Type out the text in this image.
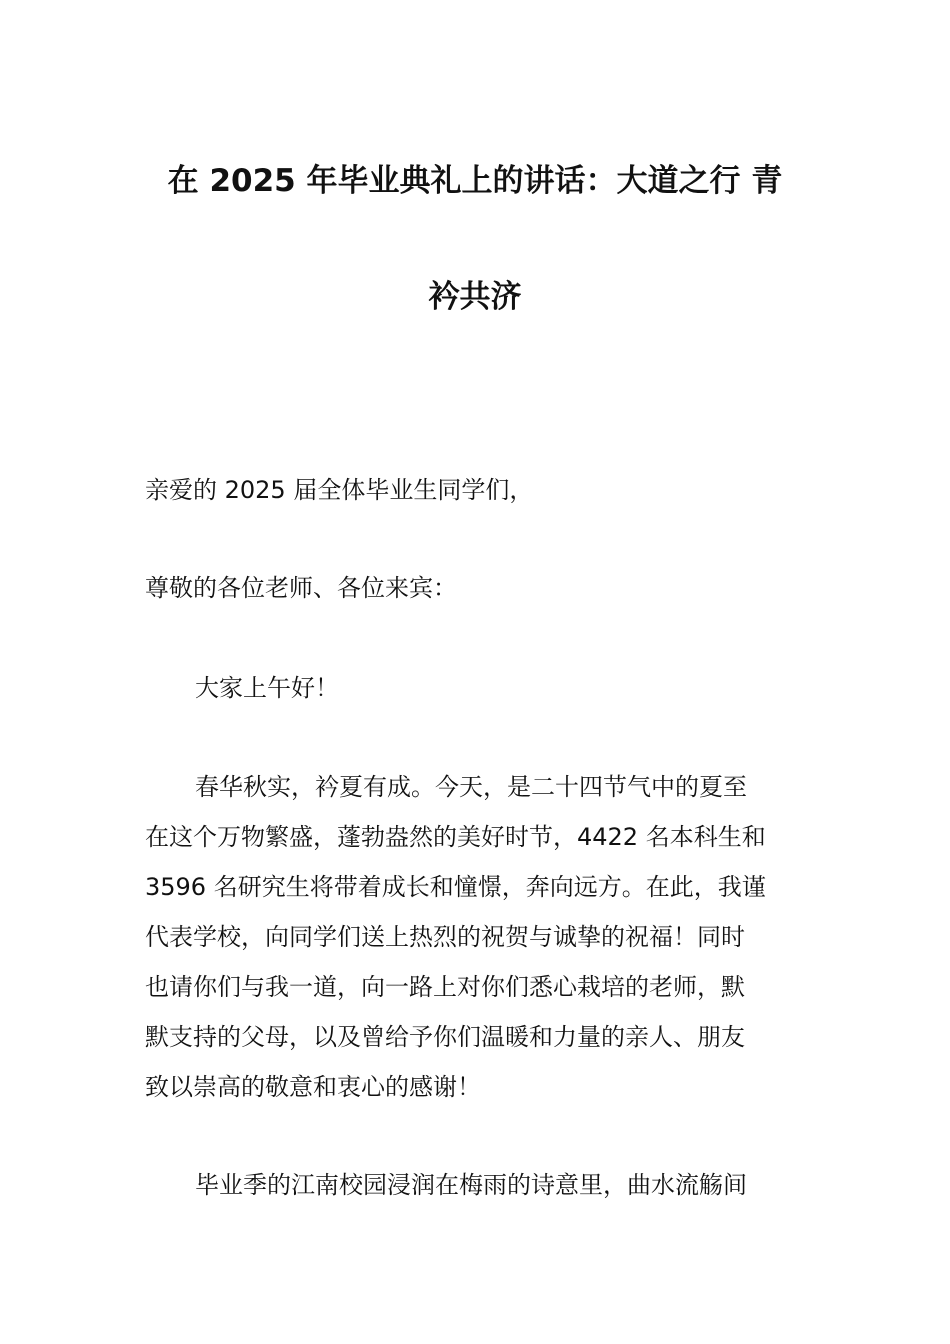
在 2025 年毕业典礼上的讲话：大道之行 青
衿共济

亲爱的 2025 届全体毕业生同学们，

尊敬的各位老师、各位来宾：

大家上午好！

春华秋实，衿夏有成。今天，是二十四节气中的夏至
在这个万物繁盛，蓬勃盎然的美好时节，4422 名本科生和
3596 名研究生将带着成长和憧憬，奔向远方。在此，我谨
代表学校，向同学们送上热烈的祝贺与诚挚的祝福！同时
也请你们与我一道，向一路上对你们悉心栽培的老师，默
默支持的父母，以及曾给予你们温暖和力量的亲人、朋友
致以崇高的敬意和衷心的感谢！

毕业季的江南校园浸润在梅雨的诗意里，曲水流觞间
